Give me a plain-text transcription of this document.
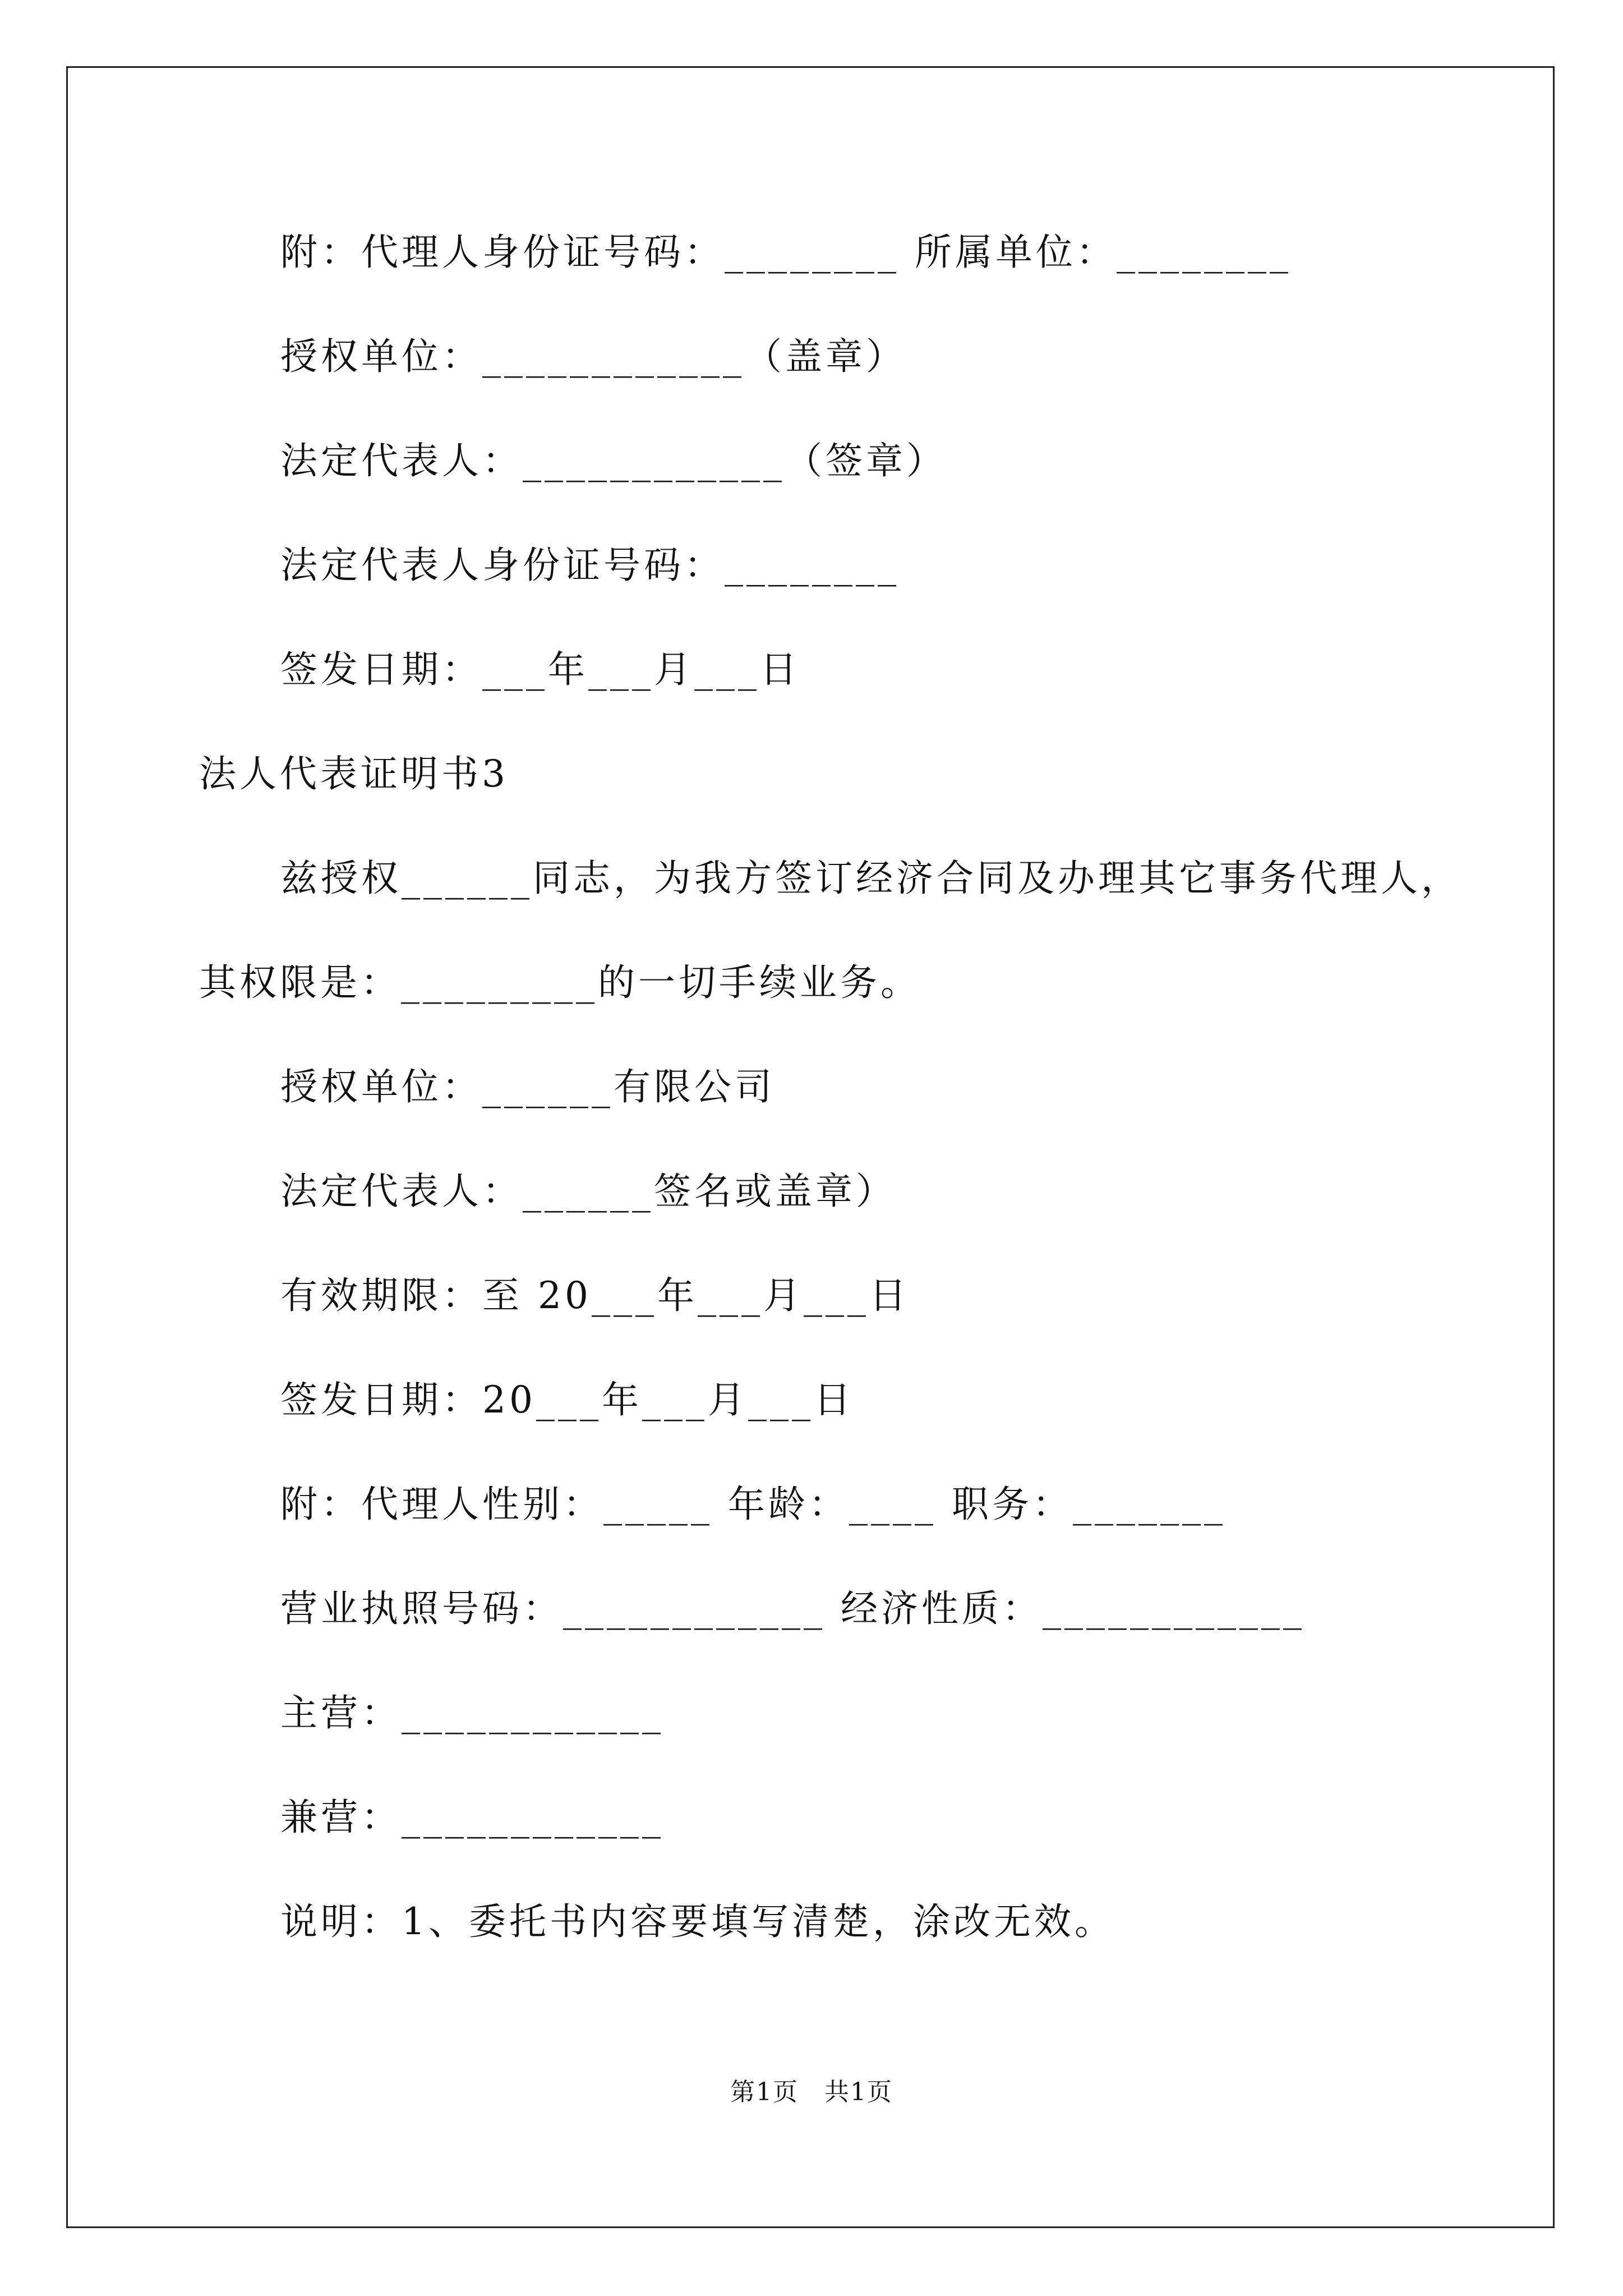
附：代理人身份证号码：________ 所属单位：________
授权单位：____________（盖章）
法定代表人：____________（签章）
法定代表人身份证号码：________
签发日期：___年___月___日
法人代表证明书3
兹授权______同志，为我方签订经济合同及办理其它事务代理人，
其权限是：_________的一切手续业务。
授权单位：______有限公司
法定代表人：______签名或盖章）
有效期限：至 20___年___月___日
签发日期：20___年___月___日
附：代理人性别：_____ 年龄：____ 职务：_______
营业执照号码：____________ 经济性质：____________
主营：____________
兼营：____________
说明：1、委托书内容要填写清楚，涂改无效。
第1页　共1页
